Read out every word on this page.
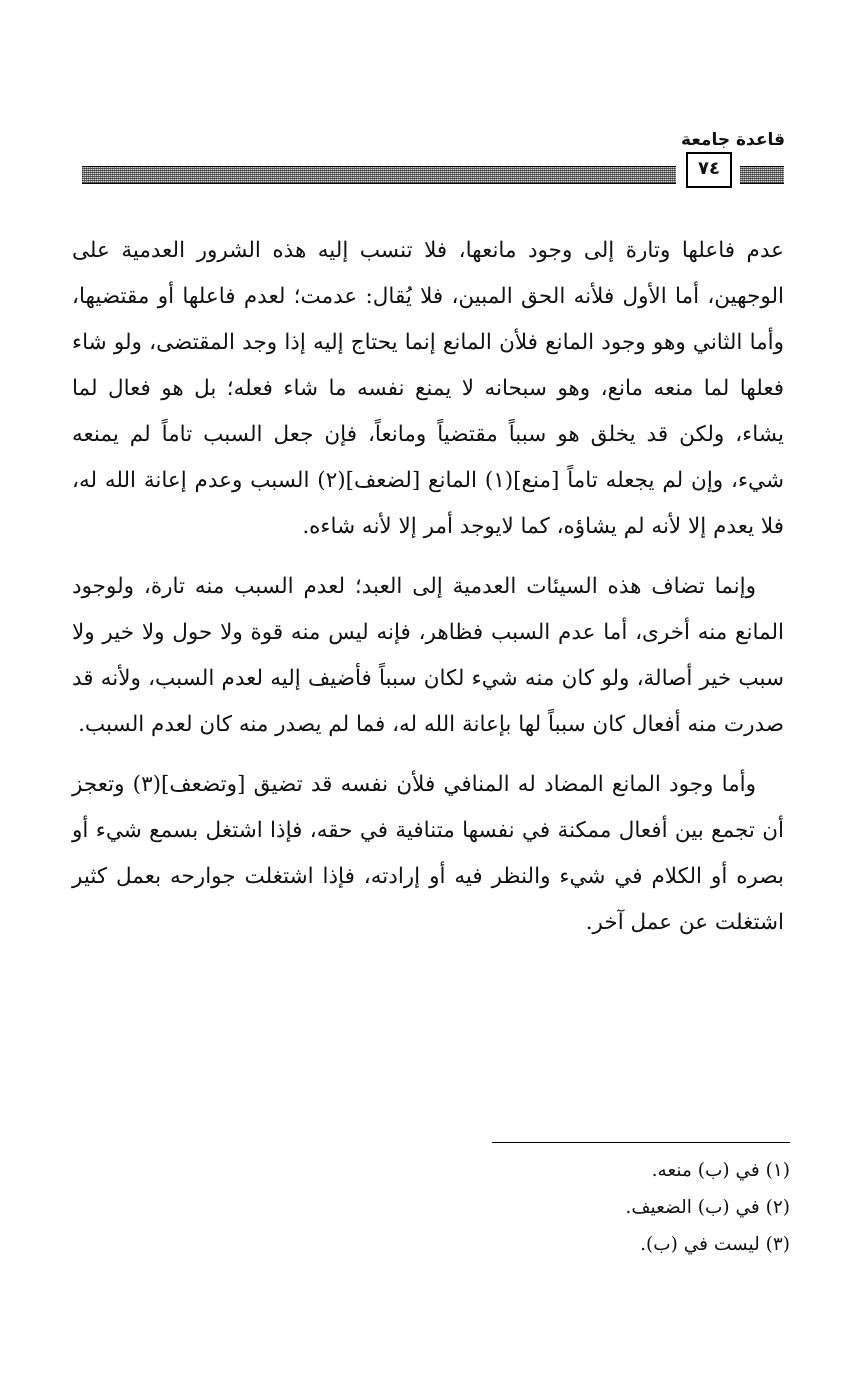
قاعدة جامعة
٧٤

عدم فاعلها وتارة إلى وجود مانعها، فلا تنسب إليه هذه الشرور العدمية على الوجهين، أما الأول فلأنه الحق المبين، فلا يُقال: عدمت؛ لعدم فاعلها أو مقتضيها، وأما الثاني وهو وجود المانع فلأن المانع إنما يحتاج إليه إذا وجد المقتضى، ولو شاء فعلها لما منعه مانع، وهو سبحانه لا يمنع نفسه ما شاء فعله؛ بل هو فعال لما يشاء، ولكن قد يخلق هو سبباً مقتضياً ومانعاً، فإن جعل السبب تاماً لم يمنعه شيء، وإن لم يجعله تاماً [منع](١) المانع [لضعف](٢) السبب وعدم إعانة الله له، فلا يعدم إلا لأنه لم يشاؤه، كما لايوجد أمر إلا لأنه شاءه.

وإنما تضاف هذه السيئات العدمية إلى العبد؛ لعدم السبب منه تارة، ولوجود المانع منه أخرى، أما عدم السبب فظاهر، فإنه ليس منه قوة ولا حول ولا خير ولا سبب خير أصالة، ولو كان منه شيء لكان سبباً فأضيف إليه لعدم السبب، ولأنه قد صدرت منه أفعال كان سبباً لها بإعانة الله له، فما لم يصدر منه كان لعدم السبب.

وأما وجود المانع المضاد له المنافي فلأن نفسه قد تضيق [وتضعف](٣) وتعجز أن تجمع بين أفعال ممكنة في نفسها متنافية في حقه، فإذا اشتغل بسمع شيء أو بصره أو الكلام في شيء والنظر فيه أو إرادته، فإذا اشتغلت جوارحه بعمل كثير اشتغلت عن عمل آخر.

(١) في (ب) منعه.
(٢) في (ب) الضعيف.
(٣) ليست في (ب).
